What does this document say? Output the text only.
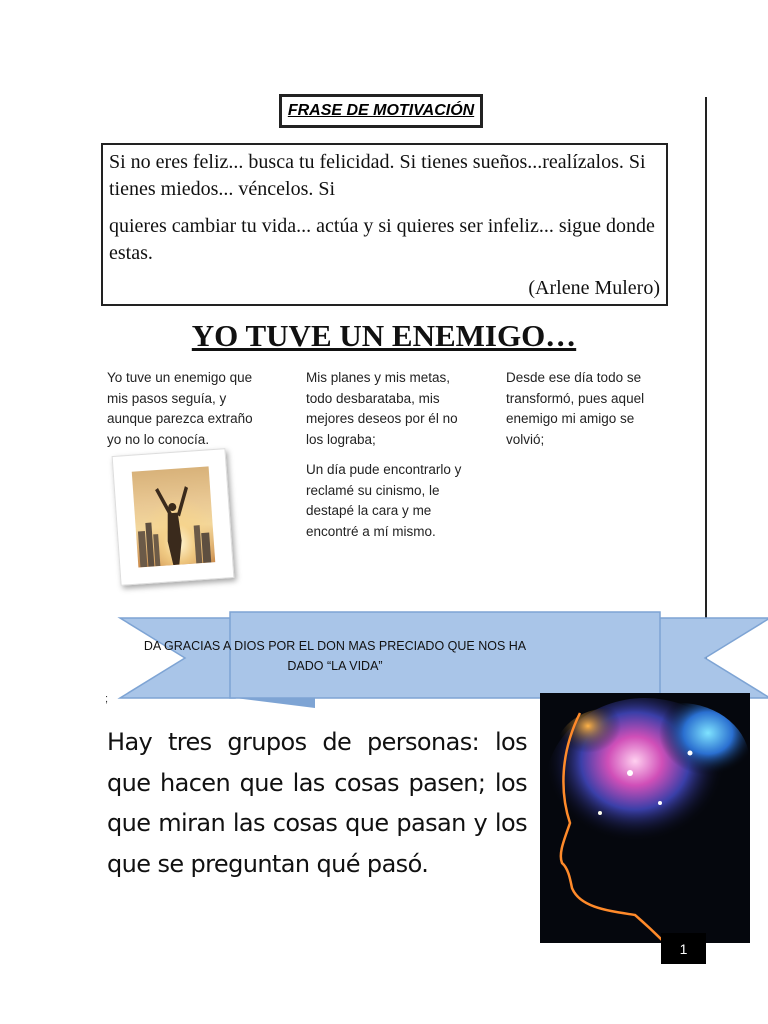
FRASE DE MOTIVACIÓN

Si no eres feliz... busca tu felicidad. Si tienes sueños...realízalos. Si tienes miedos... véncelos. Si

quieres cambiar tu vida... actúa y si quieres ser infeliz... sigue donde estas.

(Arlene Mulero)
YO TUVE UN ENEMIGO…

Yo tuve un enemigo que mis pasos seguía, y aunque parezca extraño yo no lo conocía.

Mis planes y mis metas, todo desbarataba, mis mejores deseos por él no los lograba;

Un día pude encontrarlo y reclamé su cinismo, le destapé la cara y me encontré a mí mismo.

Desde ese día todo se transformó, pues aquel enemigo mi amigo se volvió;

DA GRACIAS A DIOS POR EL DON MAS PRECIADO QUE NOS HA
DADO “LA VIDA”
;
Hay tres grupos de personas: los que hacen que las cosas pasen; los que miran las cosas que pasan y los que se preguntan qué pasó.
1
